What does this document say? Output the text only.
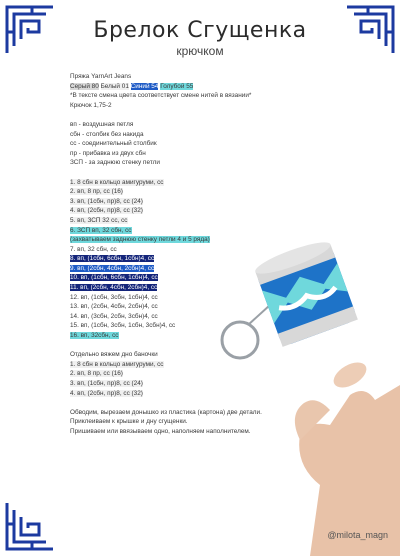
Брелок Сгущенка
крючком
Пряжа YarnArt Jeans
Серый 80 Белый 01 Синий 54 Голубой 55
*В тексте смена цвета соответствует смене нитей в вязании*
Крючок 1,75-2
вп - воздушная петля
сбн - столбик без накида
сс - соединительный столбик
пр - прибавка из двух сбн
ЗСП - за заднюю стенку петли
1. 8 сбн в кольцо амигуруми, сс
2. вп, 8 пр, сс (16)
3. вп, (1сбн, пр)8, сс (24)
4. вп, (2сбн, пр)8, сс (32)
5. вп, ЗСП 32 сс, сс
6. ЗСП вп, 32 сбн, сс
(захватываем заднюю стенку петли 4 и 5 ряда)
7. вп, 32 сбн, сс
8. вп, (1сбн, 6сбн, 1сбн)4, сс
9. вп, (2сбн, 4сбн, 2сбн)4, сс
10. вп, (1сбн, 6сбн, 1сбн)4, сс
11. вп, (2сбн, 4сбн, 2сбн)4, сс
12. вп, (1сбн, 3сбн, 1сбн)4, сс
13. вп, (2сбн, 4сбн, 2сбн)4, сс
14. вп, (3сбн, 2сбн, 3сбн)4, сс
15. вп, (1сбн, 3сбн, 1сбн, 3сбн)4, сс
16. вп, 32сбн, сс
Отдельно вяжем дно баночки
1. 8 сбн в кольцо амигуруми, сс
2. вп, 8 пр, сс (16)
3. вп, (1сбн, пр)8, сс (24)
4. вп, (2сбн, пр)8, сс (32)
Обводим, вырезаем донышко из пластика (картона) две детали.
Приклеиваем к крышке и дну сгущенки.
Пришиваем или ввязываем одно, наполняем наполнителем.
@milota_magn
